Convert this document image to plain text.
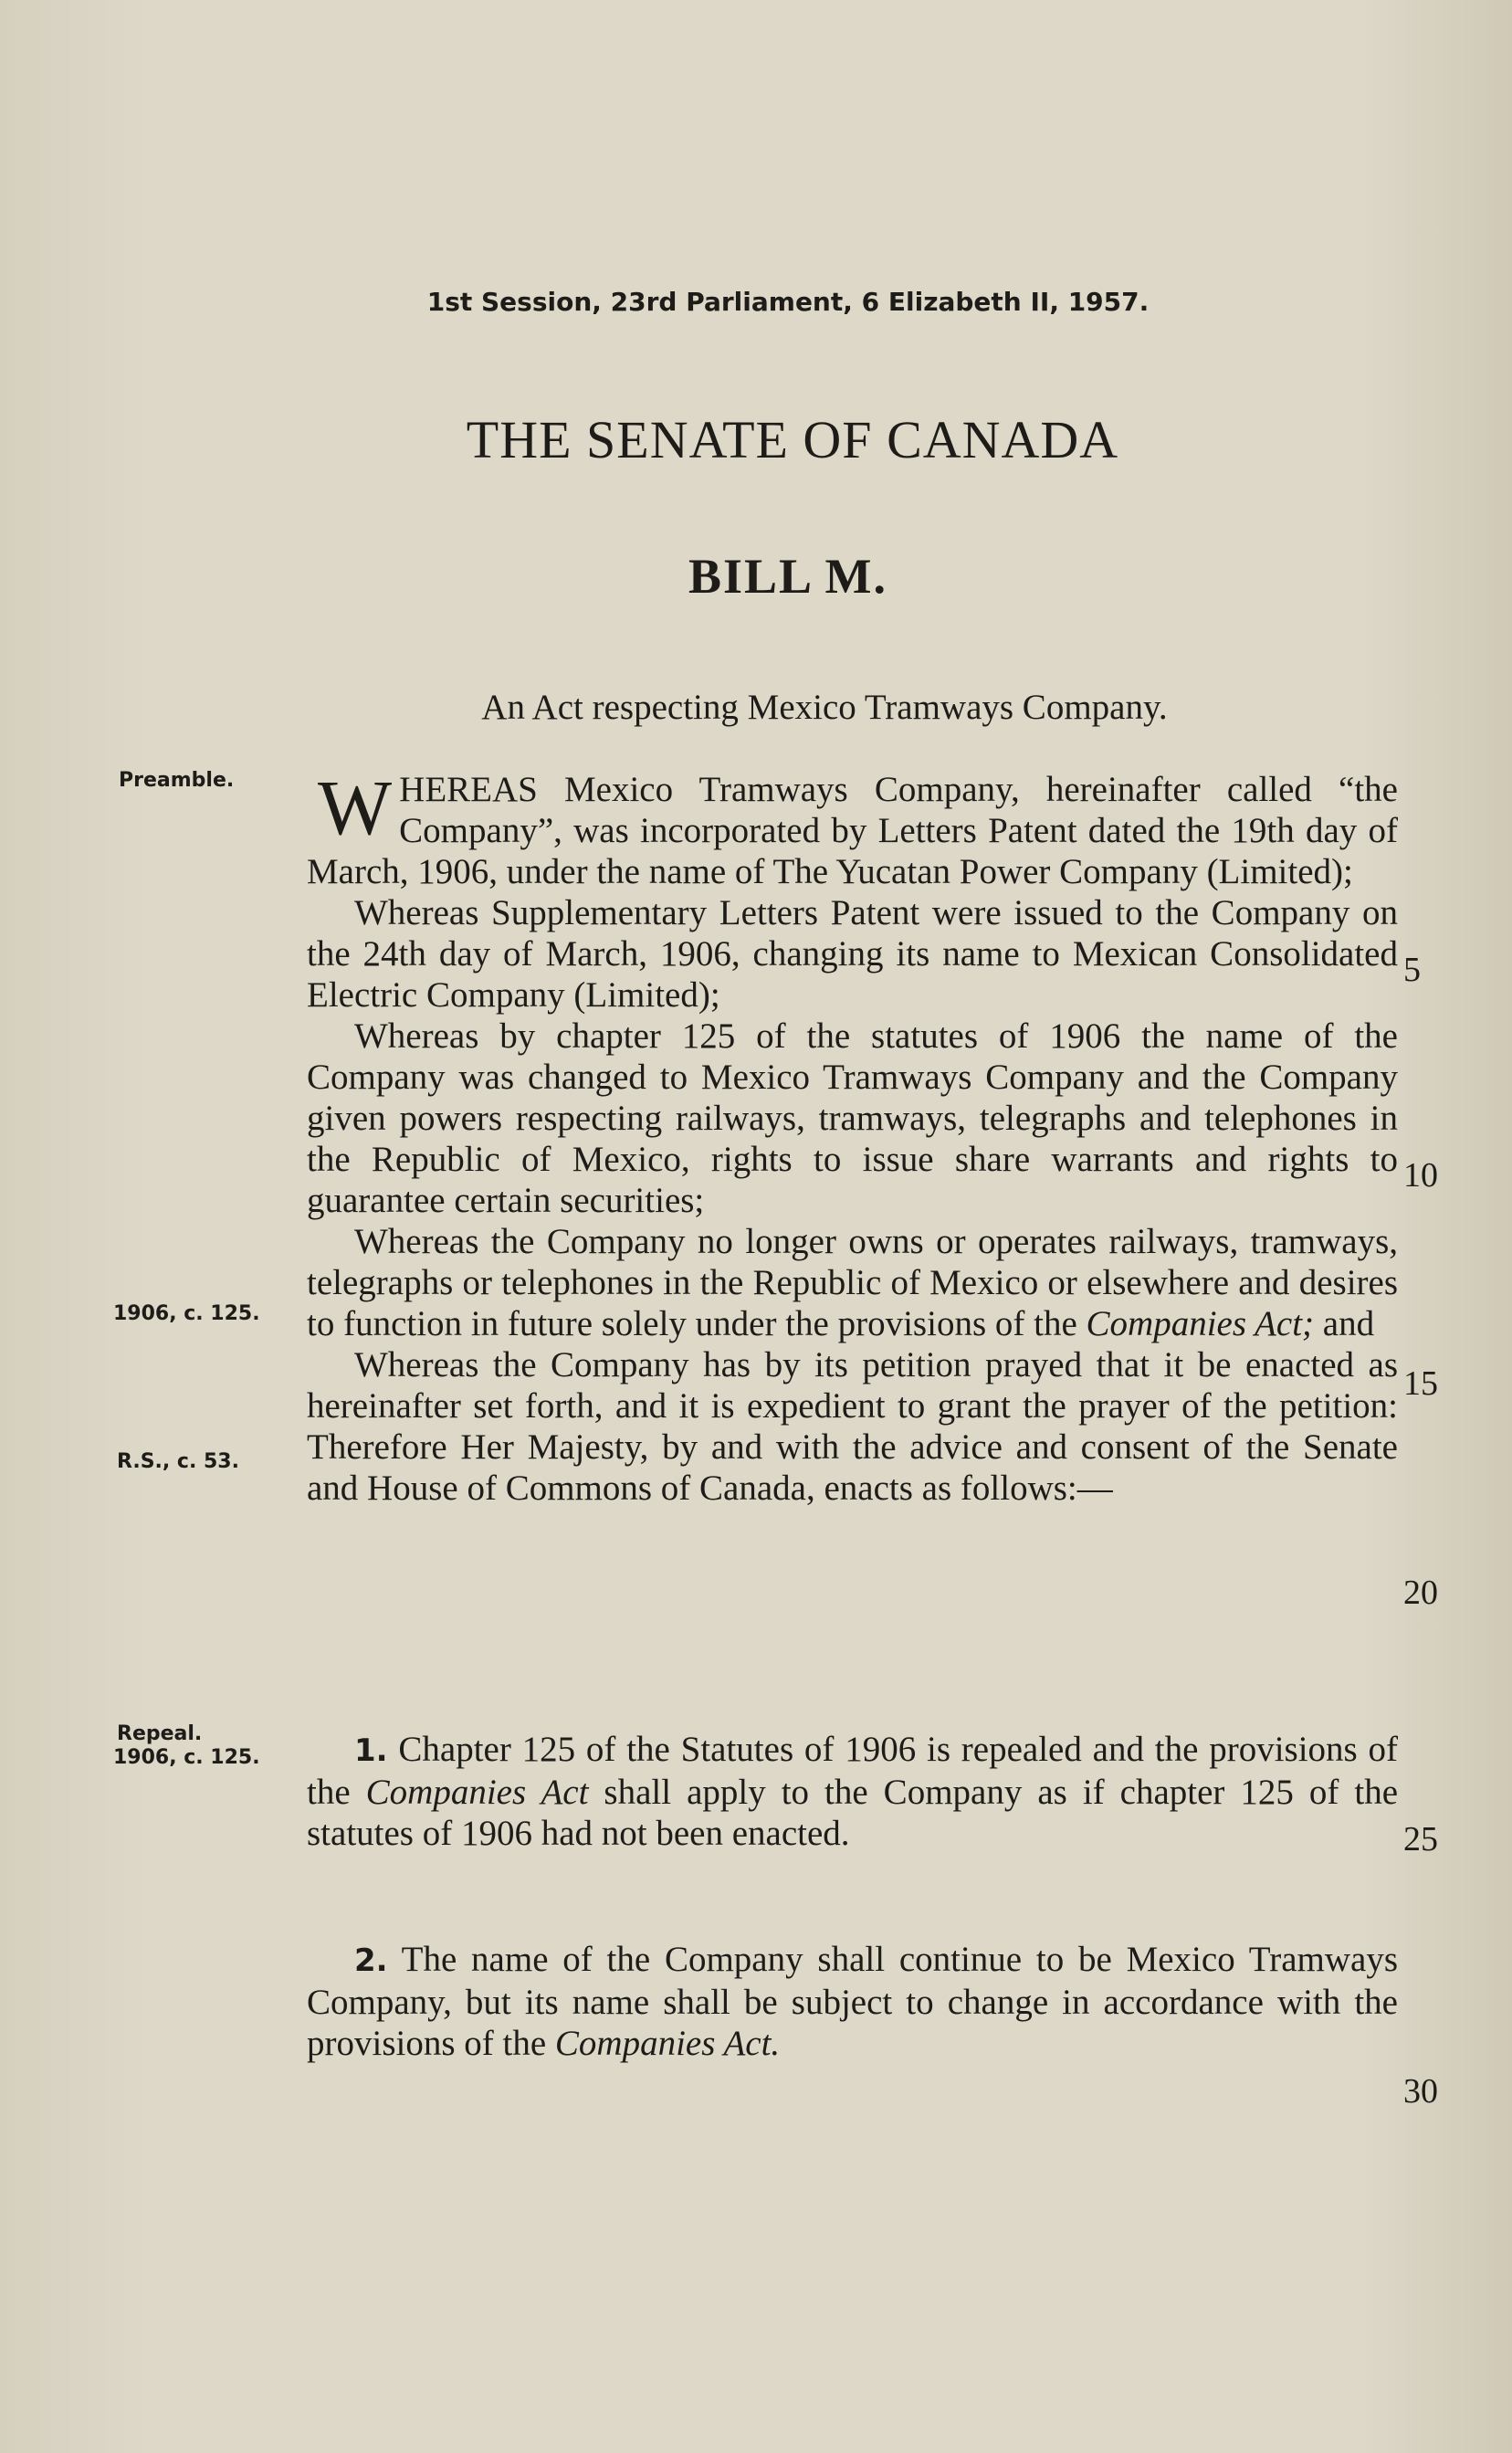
1st Session, 23rd Parliament, 6 Elizabeth II, 1957.
THE SENATE OF CANADA
BILL M.
An Act respecting Mexico Tramways Company.
Preamble.
1906, c. 125.
R.S., c. 53.
Repeal.
1906, c. 125.

WHEREAS Mexico Tramways Company, hereinafter called “the Company”, was incorporated by Letters Patent dated the 19th day of March, 1906, under the name of The Yucatan Power Company (Limited);

Whereas Supplementary Letters Patent were issued to the Company on the 24th day of March, 1906, changing its name to Mexican Consolidated Electric Company (Limited);

Whereas by chapter 125 of the statutes of 1906 the name of the Company was changed to Mexico Tramways Company and the Company given powers respecting railways, tramways, telegraphs and telephones in the Republic of Mexico, rights to issue share warrants and rights to guarantee certain securities;

Whereas the Company no longer owns or operates railways, tramways, telegraphs or telephones in the Republic of Mexico or elsewhere and desires to function in future solely under the provisions of the Companies Act; and

Whereas the Company has by its petition prayed that it be enacted as hereinafter set forth, and it is expedient to grant the prayer of the petition: Therefore Her Majesty, by and with the advice and consent of the Senate and House of Commons of Canada, enacts as follows:—

1. Chapter 125 of the Statutes of 1906 is repealed and the provisions of the Companies Act shall apply to the Company as if chapter 125 of the statutes of 1906 had not been enacted.

2. The name of the Company shall continue to be Mexico Tramways Company, but its name shall be subject to change in accordance with the provisions of the Companies Act.

5
10
15
20
25
30
